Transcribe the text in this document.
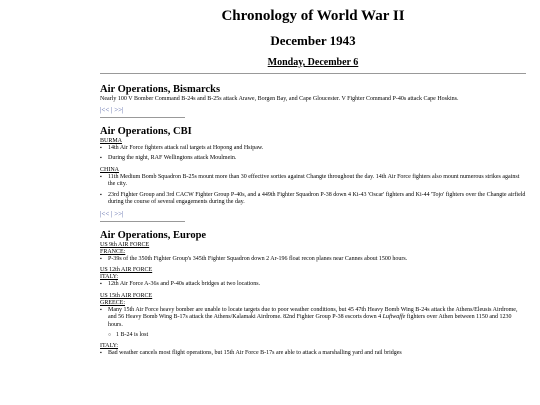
Chronology of World War II
December 1943
Monday, December 6
Air Operations, Bismarcks

Nearly 100 V Bomber Command B-24s and B-25s attack Arawe, Borgen Bay, and Cape Gloucester. V Fighter Command P-40s attack Cape Hoskins.

|<< | >>|
Air Operations, CBI
BURMA
▪ 14th Air Force fighters attack rail targets at Hopong and Hsipaw.
▪ During the night, RAF Wellingtons attack Moulmein.
CHINA
▪ 11th Medium Bomb Squadron B-25s mount more than 30 effective sorties against Changte throughout the day. 14th Air Force fighters also mount numerous strikes against the city.
▪ 23rd Fighter Group and 3rd CACW Fighter Group P-40s, and a 449th Fighter Squadron P-38 down 4 Ki-43 'Oscar' fighters and Ki-44 'Tojo' fighters over the Changte airfield during the course of several engagements during the day.
|<< | >>|
Air Operations, Europe
US 9th AIR FORCE
FRANCE:
▪ P-39s of the 350th Fighter Group's 345th Fighter Squadron down 2 Ar-196 float recon planes near Cannes about 1500 hours.
US 12th AIR FORCE
ITALY:
▪ 12th Air Force A-36s and P-40s attack bridges at two locations.
US 15th AIR FORCE
GREECE:
▪ Many 15th Air Force heavy bomber are unable to locate targets due to poor weather conditions, but 45 47th Heavy Bomb Wing B-24s attack the Athens/Eleusis Airdrome, and 56 Heavy Bomb Wing B-17s attack the Athens/Kalamaki Airdrome. 82nd Fighter Group P-38 escorts down 4 Luftwaffe fighters over Athen between 1150 and 1230 hours.
○ 1 B-24 is lost
ITALY:
▪ Bad weather cancels most flight operations, but 15th Air Force B-17s are able to attack a marshalling yard and rail bridges
